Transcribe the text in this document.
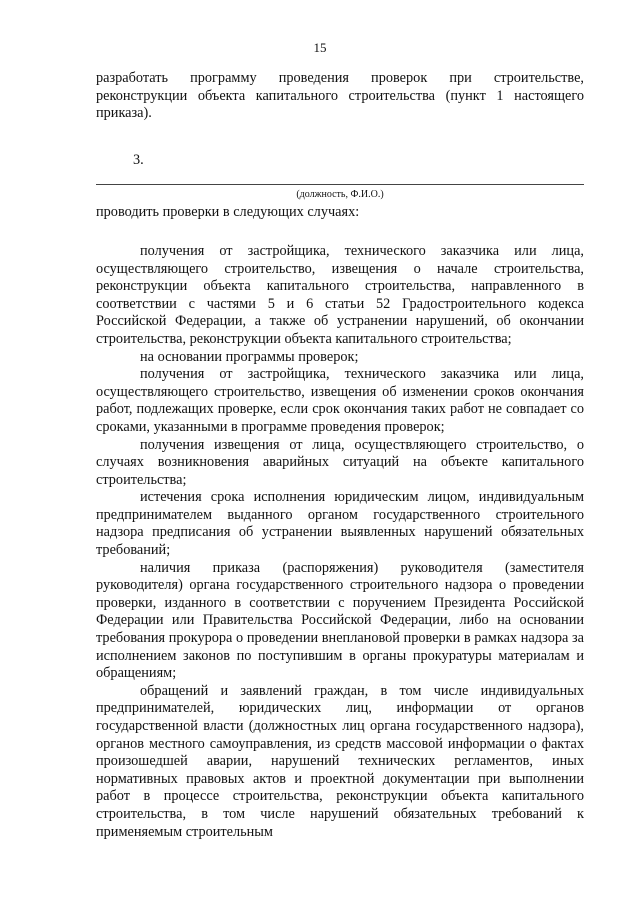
15

разработать программу проведения проверок при строительстве, реконструкции объекта капитального строительства (пункт 1 настоящего приказа).

3.
(должность, Ф.И.О.)

проводить проверки в следующих случаях:

получения от застройщика, технического заказчика или лица, осуществляющего строительство, извещения о начале строительства, реконструкции объекта капитального строительства, направленного в соответствии с частями 5 и 6 статьи 52 Градостроительного кодекса Российской Федерации, а также об устранении нарушений, об окончании строительства, реконструкции объекта капитального строительства;

на основании программы проверок;

получения от застройщика, технического заказчика или лица, осуществляющего строительство, извещения об изменении сроков окончания работ, подлежащих проверке, если срок окончания таких работ не совпадает со сроками, указанными в программе проведения проверок;

получения извещения от лица, осуществляющего строительство, о случаях возникновения аварийных ситуаций на объекте капитального строительства;

истечения срока исполнения юридическим лицом, индивидуальным предпринимателем выданного органом государственного строительного надзора предписания об устранении выявленных нарушений обязательных требований;

наличия приказа (распоряжения) руководителя (заместителя руководителя) органа государственного строительного надзора о проведении проверки, изданного в соответствии с поручением Президента Российской Федерации или Правительства Российской Федерации, либо на основании требования прокурора о проведении внеплановой проверки в рамках надзора за исполнением законов по поступившим в органы прокуратуры материалам и обращениям;

обращений и заявлений граждан, в том числе индивидуальных предпринимателей, юридических лиц, информации от органов государственной власти (должностных лиц органа государственного надзора), органов местного самоуправления, из средств массовой информации о фактах произошедшей аварии, нарушений технических регламентов, иных нормативных правовых актов и проектной документации при выполнении работ в процессе строительства, реконструкции объекта капитального строительства, в том числе нарушений обязательных требований к применяемым строительным
